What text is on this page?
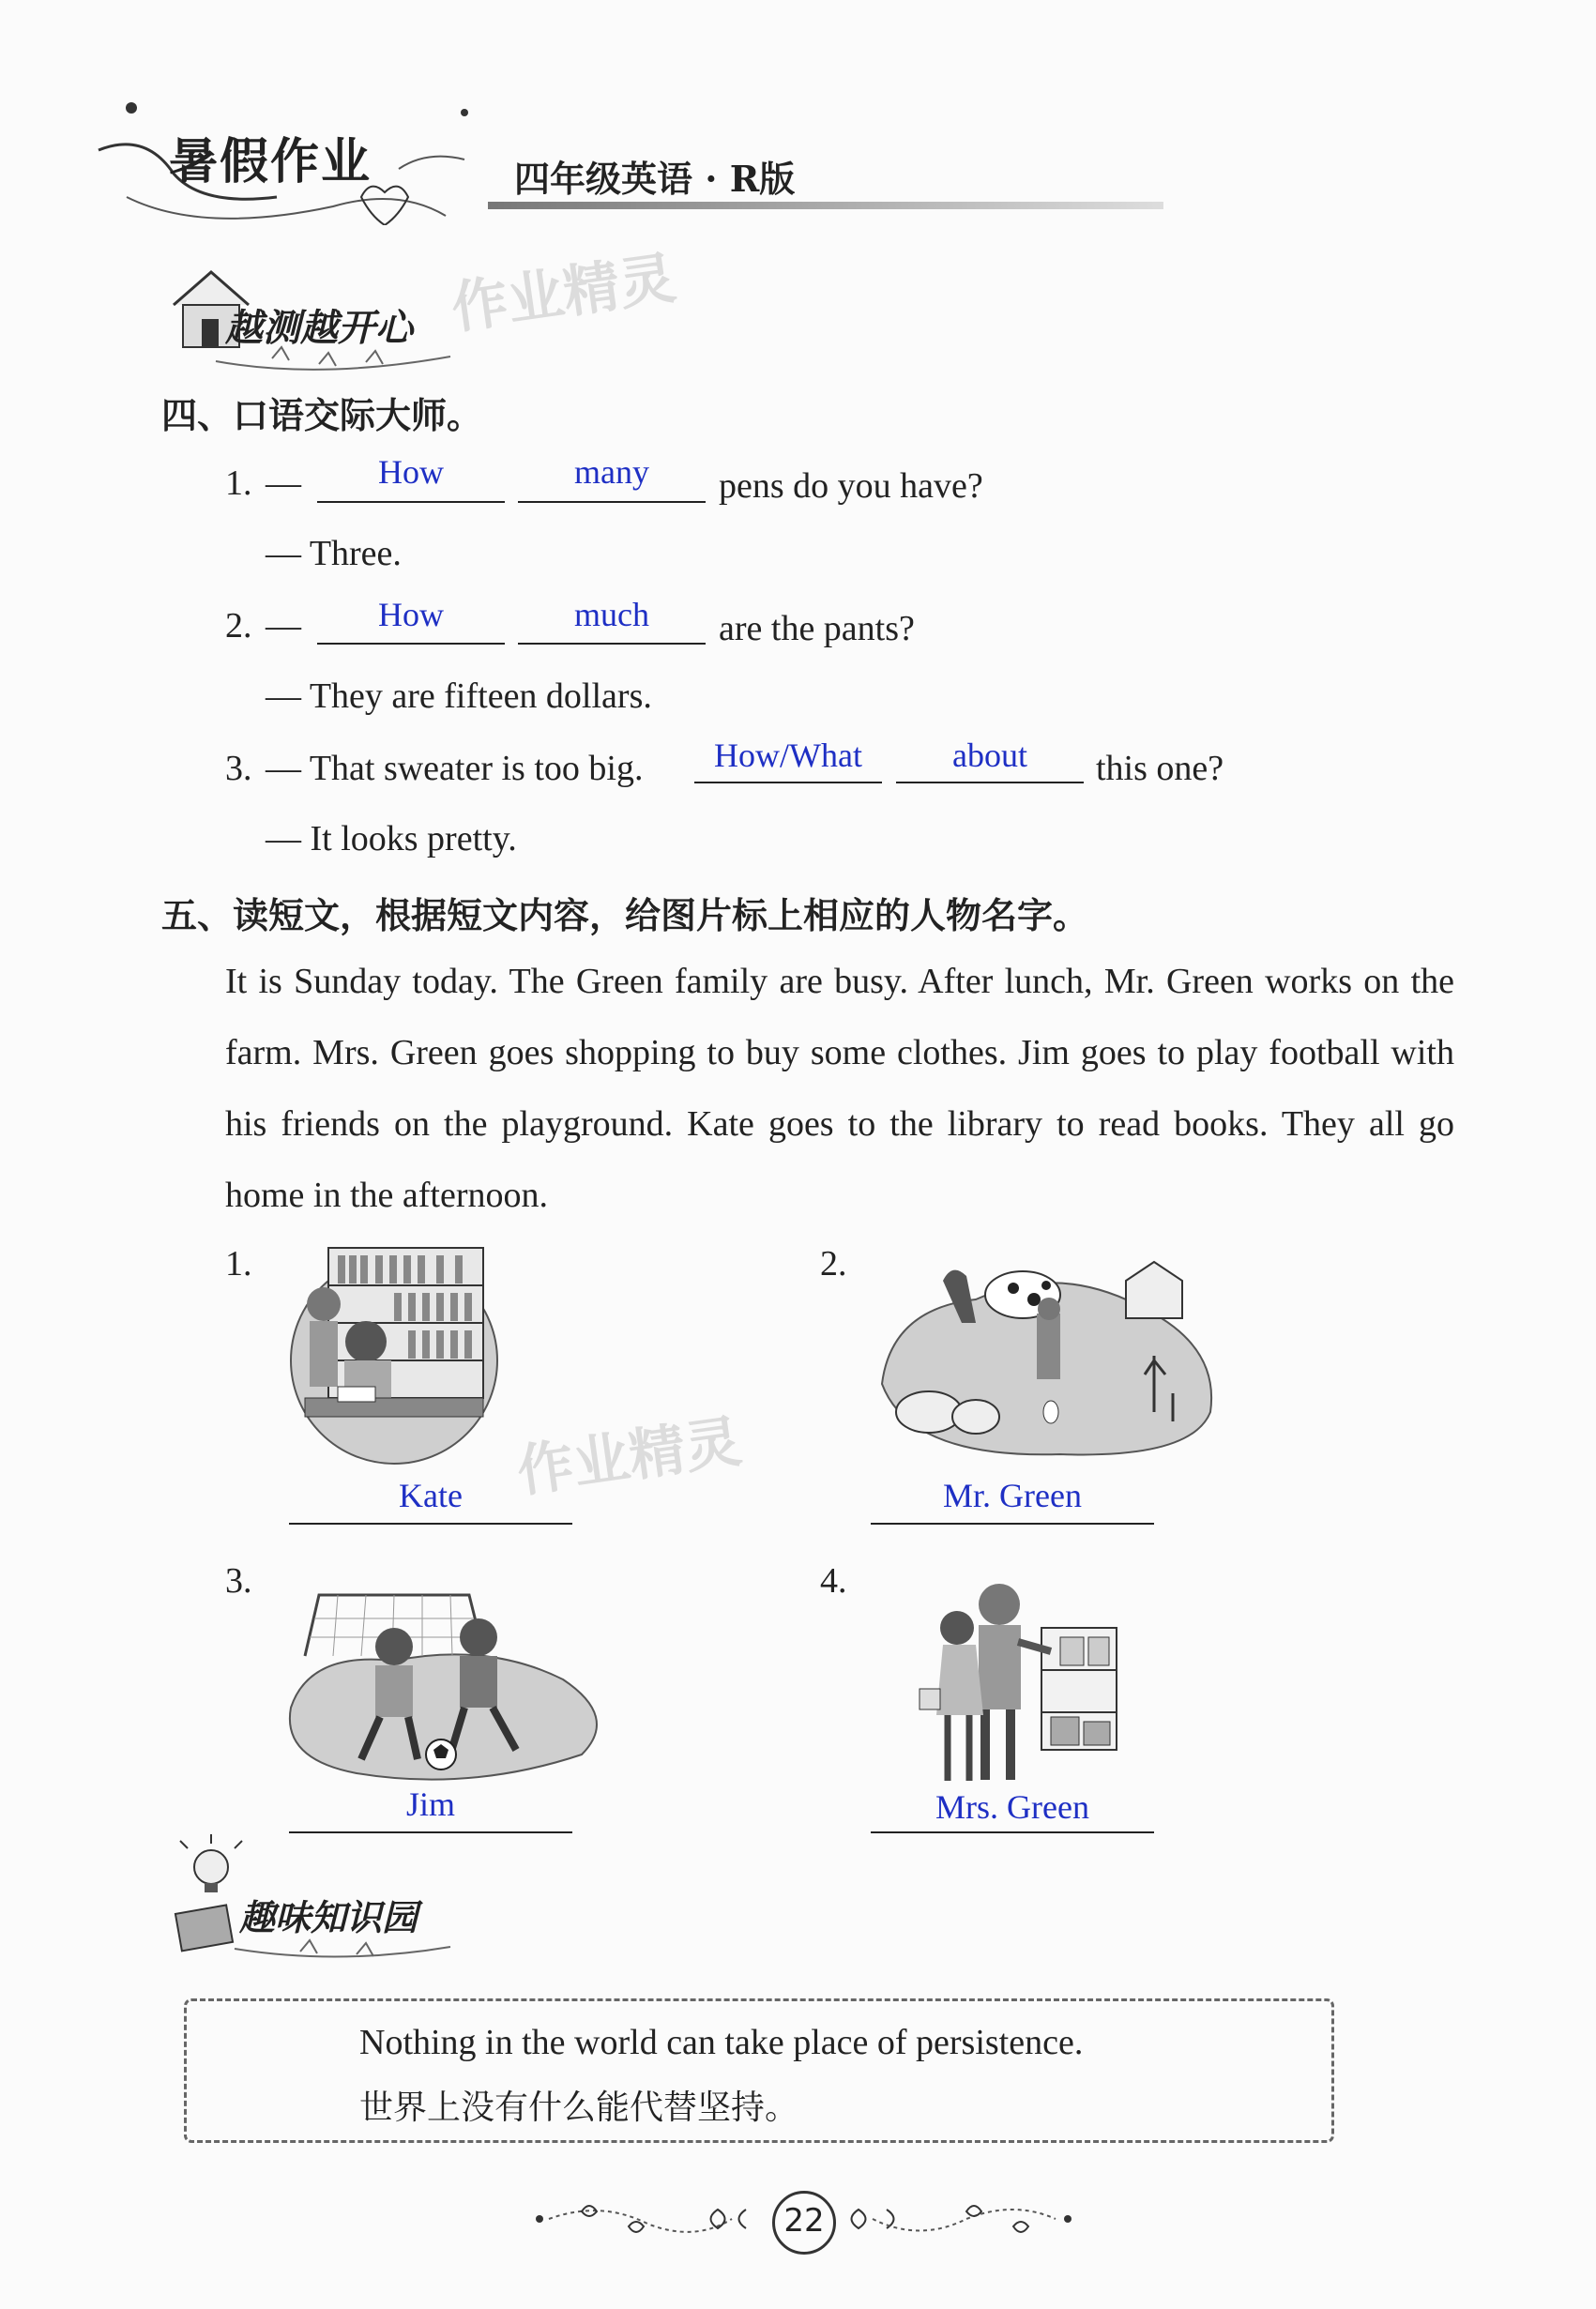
暑假作业	四年级英语 · R版
越测越开心 作业精灵
四、口语交际大师。
1. —	How	many	pens do you have?
— Three.
2. —	How	much	are the pants?
— They are fifteen dollars.
3. — That sweater is too big.	How/What	about	this one?
— It looks pretty.
五、读短文，根据短文内容，给图片标上相应的人物名字。
It is Sunday today. The Green family are busy. After lunch, Mr. Green works on the farm. Mrs. Green goes shopping to buy some clothes. Jim goes to play football with his friends on the playground. Kate goes to the library to read books. They all go home in the afternoon.
1.
Kate
2.
Mr. Green
作业精灵
3.
Jim
4.
Mrs. Green
趣味知识园
Nothing in the world can take place of persistence.
世界上没有什么能代替坚持。
22
